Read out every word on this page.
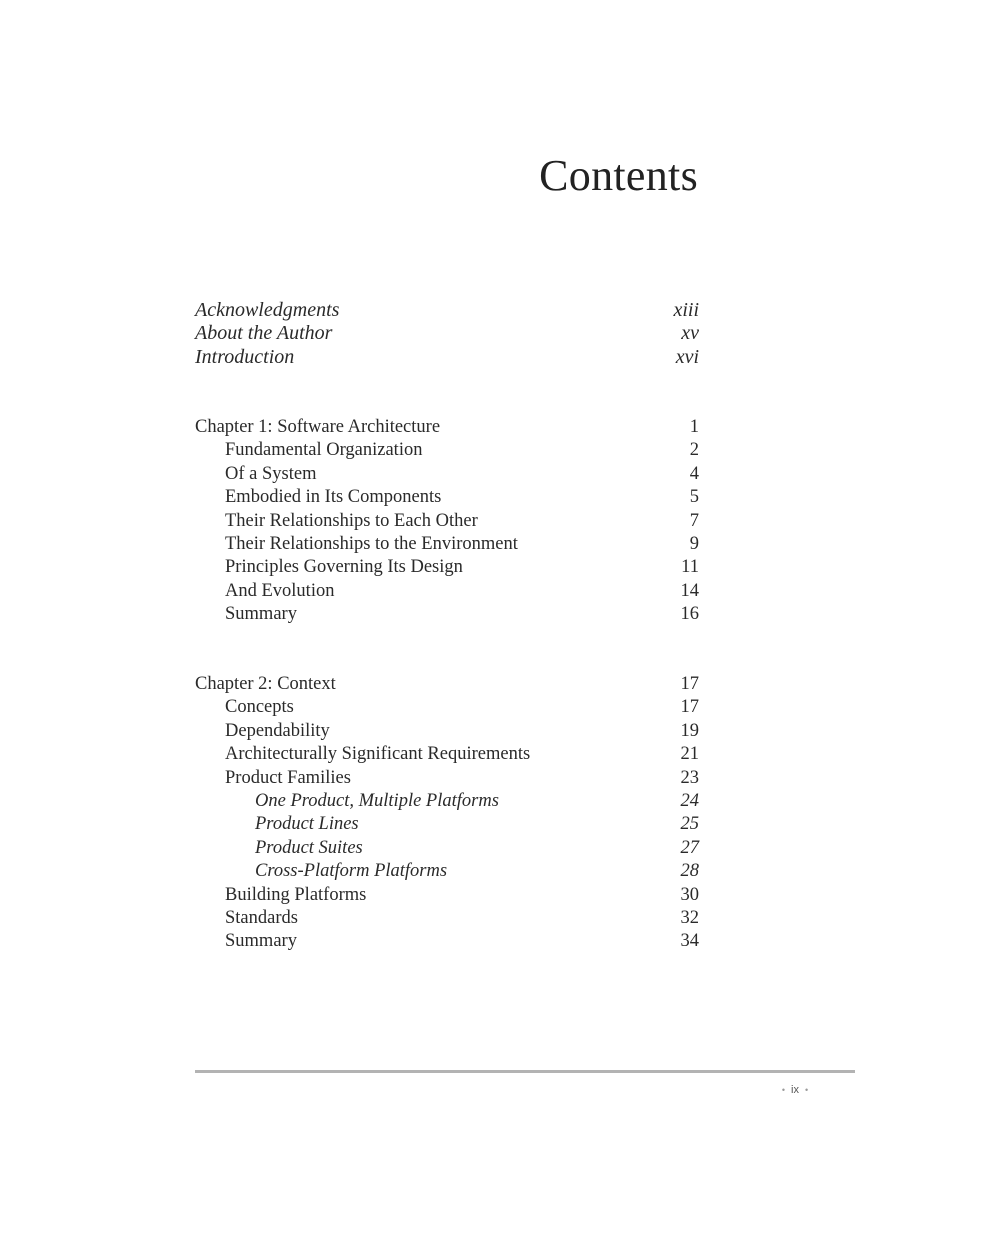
Contents
Acknowledgments	xiii
About the Author	xv
Introduction	xvi
Chapter 1: Software Architecture	1
Fundamental Organization	2
Of a System	4
Embodied in Its Components	5
Their Relationships to Each Other	7
Their Relationships to the Environment	9
Principles Governing Its Design	11
And Evolution	14
Summary	16
Chapter 2: Context	17
Concepts	17
Dependability	19
Architecturally Significant Requirements	21
Product Families	23
One Product, Multiple Platforms	24
Product Lines	25
Product Suites	27
Cross-Platform Platforms	28
Building Platforms	30
Standards	32
Summary	34
• ix •
